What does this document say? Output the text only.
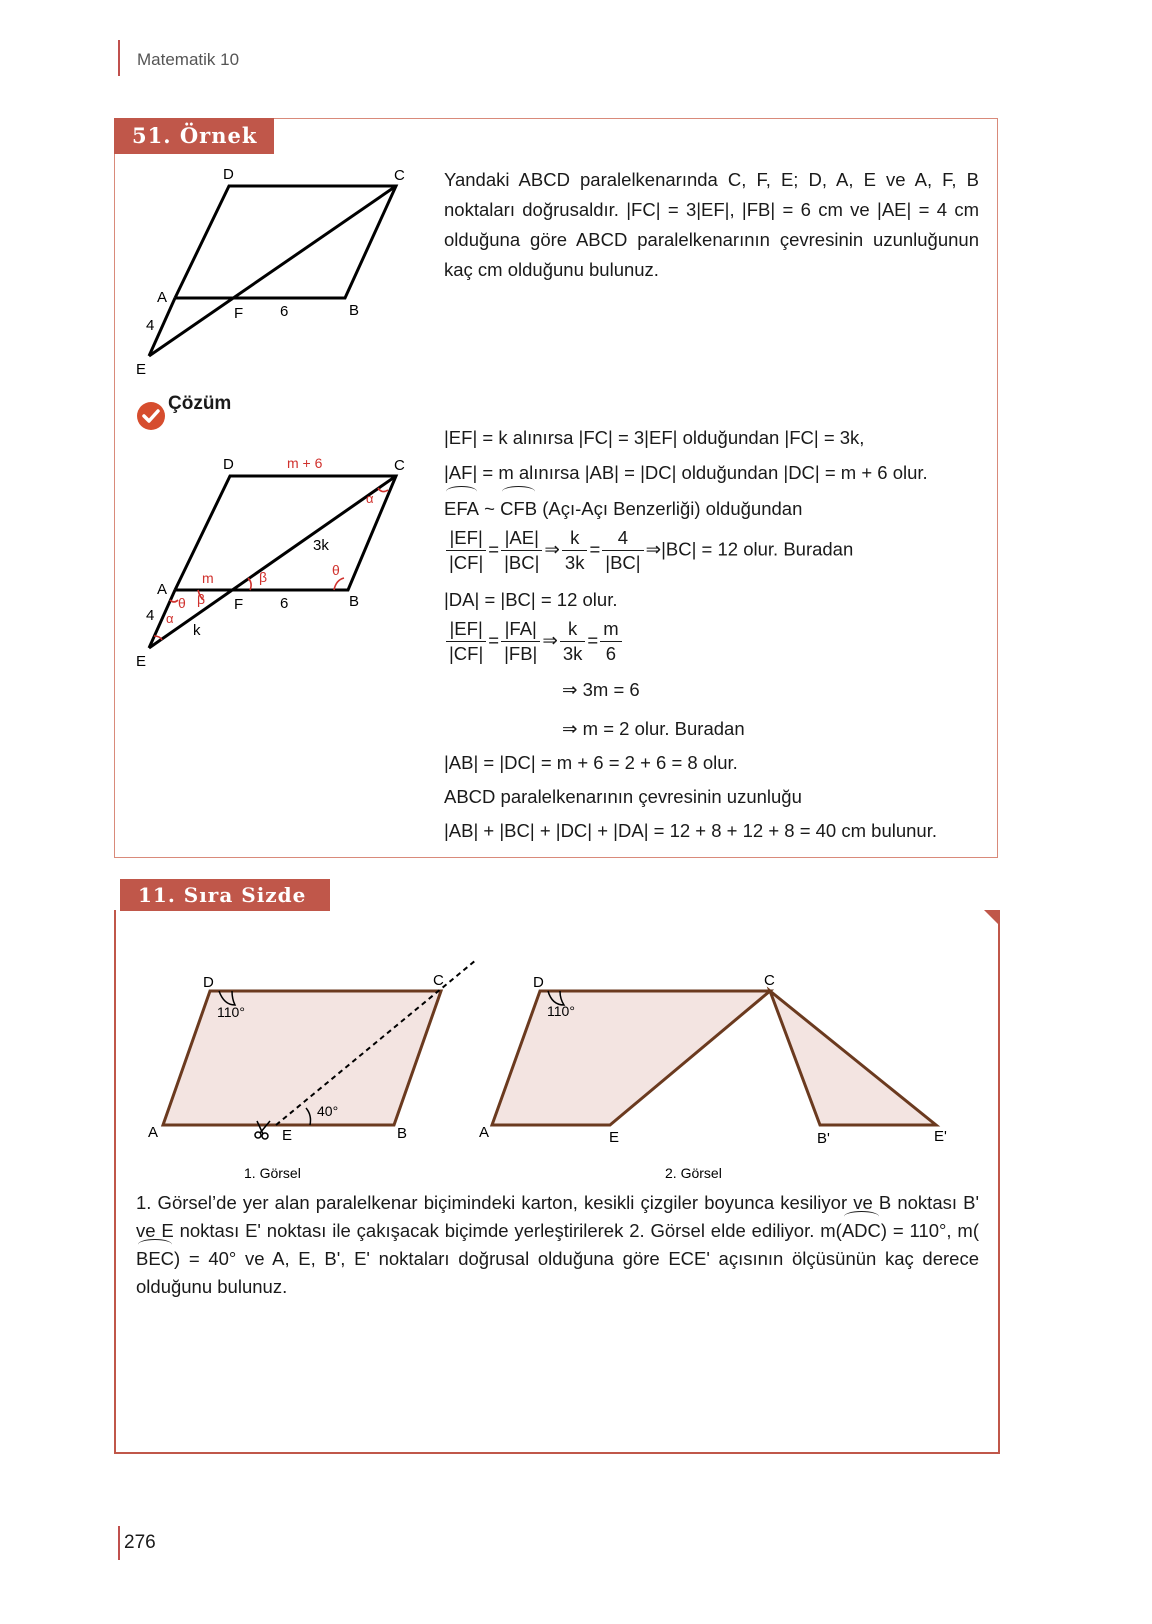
Matematik 10
51. Örnek
D	C
A
F 6	B
4
E
Yandaki ABCD paralelkenarında C, F, E; D, A, E ve A, F, B noktaları doğrusaldır. |FC| = 3|EF|, |FB| = 6 cm ve |AE| = 4 cm olduğuna göre ABCD paralelkenarının çevresinin uzunluğunun kaç cm olduğunu bulunuz.
Çözüm
m + 6
α
m	β	θ
θ β
α
D	C
3k
A
F 6	B
4
k
E
|EF| = k alınırsa |FC| = 3|EF| olduğundan |FC| = 3k,
|AF| = m alınırsa |AB| = |DC| olduğundan |DC| = m + 6 olur.
EFA ~ CFB (Açı-Açı Benzerliği) olduğundan
$\frac{|EF|}{|CF|} = \frac{|AE|}{|BC|}$ ⇒ $\frac{k}{3k} = \frac{4}{|BC|}$ ⇒|BC| = 12 olur. Buradan
|DA| = |BC| = 12 olur.
$\frac{|EF|}{|CF|} = \frac{|FA|}{|FB|}$ ⇒ $\frac{k}{3k} = \frac{m}{6}$
⇒ 3m = 6
⇒ m = 2 olur. Buradan
|AB| = |DC| = m + 6 = 2 + 6 = 8 olur.
ABCD paralelkenarının çevresinin uzunluğu
|AB| + |BC| + |DC| + |DA| = 12 + 8 + 12 + 8 = 40 cm bulunur.
11. Sıra Sizde
D	C
110°
40°
A	E	B
1. Görsel
D	C
110°
A	E	B'	E'
2. Görsel
1. Görsel’de yer alan paralelkenar biçimindeki karton, kesikli çizgiler boyunca kesiliyor ve B noktası B' ve E noktası E' noktası ile çakışacak biçimde yerleştirilerek 2. Görsel elde ediliyor. m(ADC) = 110°, m(BEC) = 40° ve A, E, B', E' noktaları doğrusal olduğuna göre ECE' açısının ölçüsünün kaç derece olduğunu bulunuz.
276
